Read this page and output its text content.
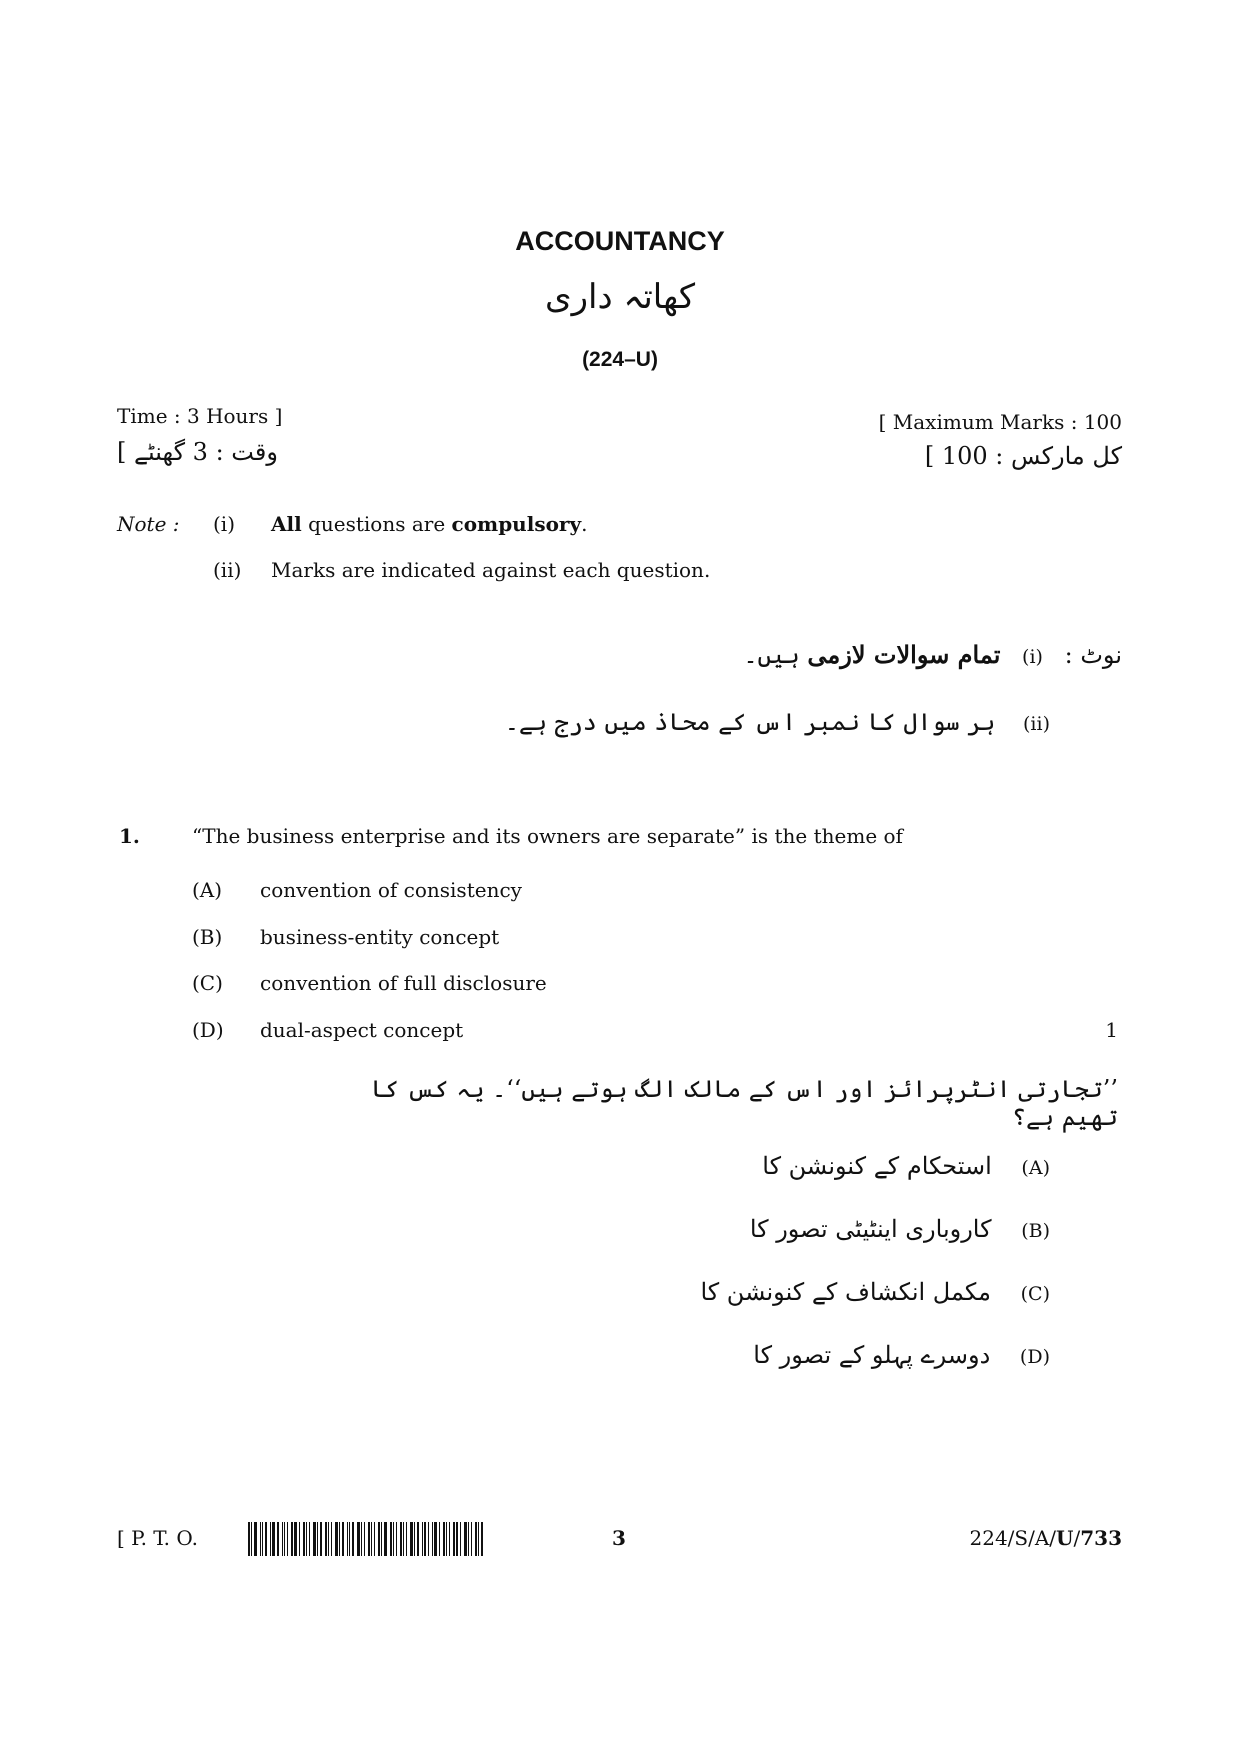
ACCOUNTANCY
کھاتہ داری
(224–U)
Time : 3 Hours ]
وقت : 3 گھنٹے ]
[ Maximum Marks : 100
کل مارکس : 100 ]
Note : (i) All questions are compulsory.
(ii) Marks are indicated against each question.
نوٹ : (i) تمام سوالات لازمی ہیں۔
(ii) ہر سوال کا نمبر اس کے محاذ میں درج ہے۔
1.	“The business enterprise and its owners are separate” is the theme of
(A) convention of consistency
(B) business-entity concept
(C) convention of full disclosure
(D) dual-aspect concept	1
’’تجارتی انٹرپرائز اور اس کے مالک الگ ہوتے ہیں‘‘۔ یہ کس کا تھیم ہے؟
(A) استحکام کے کنونشن کا
(B) کاروباری اینٹیٹی تصور کا
(C) مکمل انکشاف کے کنونشن کا
(D) دوسرے پہلو کے تصور کا
[ P. T. O.	3	224/S/A/U/733
